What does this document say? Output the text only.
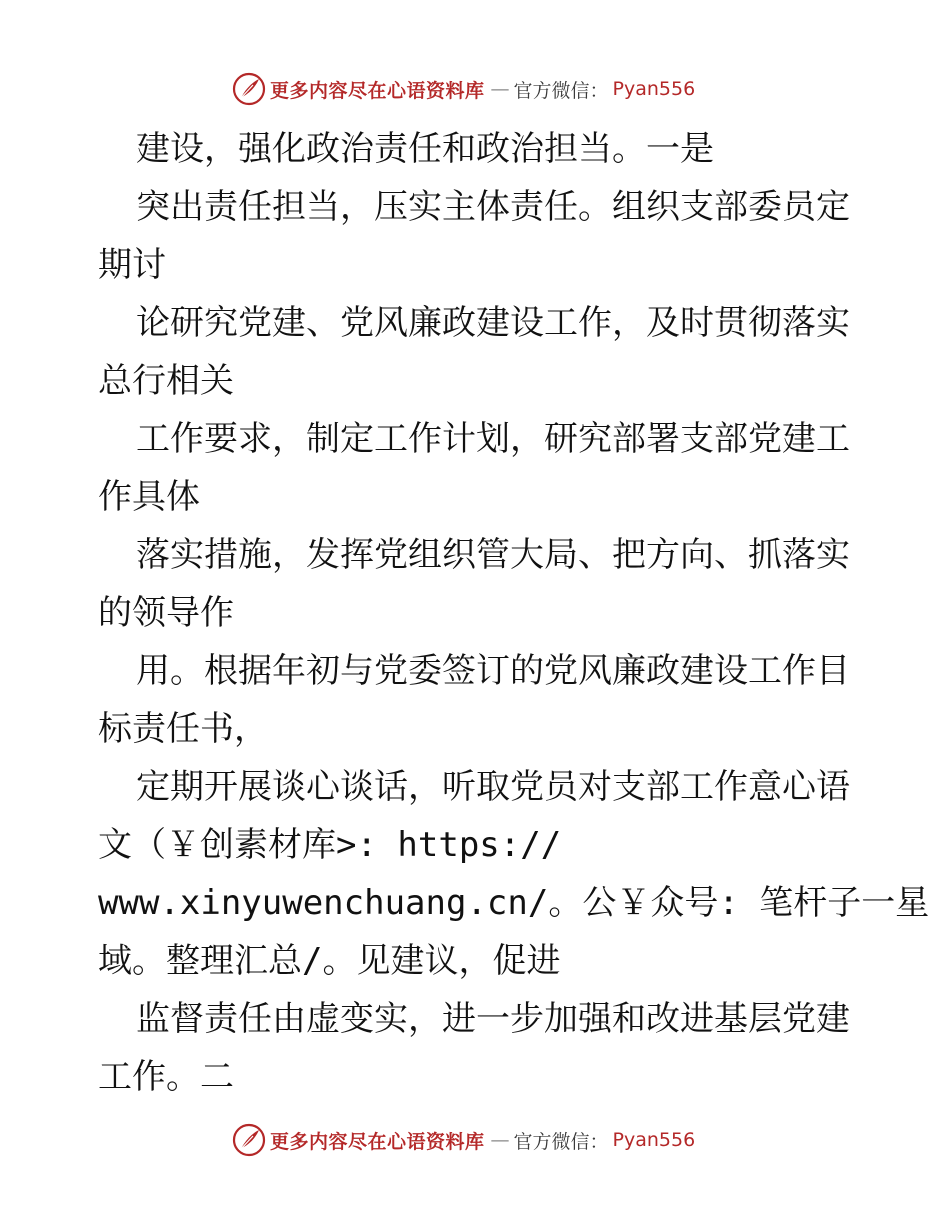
更多内容尽在心语资料库 — 官方微信： Pyan556
建设，强化政治责任和政治担当。一是
突出责任担当，压实主体责任。组织支部委员定
期讨
论研究党建、党风廉政建设工作，及时贯彻落实
总行相关
工作要求，制定工作计划，研究部署支部党建工
作具体
落实措施，发挥党组织管大局、把方向、抓落实
的领导作
用。根据年初与党委签订的党风廉政建设工作目
标责任书，
定期开展谈心谈话，听取党员对支部工作意心语
文（￥创素材库>: https://
www.xinyuwenchuang.cn/。公￥众号: 笔杆子一星
域。整理汇总/。见建议，促进
监督责任由虚变实，进一步加强和改进基层党建
工作。二
更多内容尽在心语资料库 — 官方微信： Pyan556
